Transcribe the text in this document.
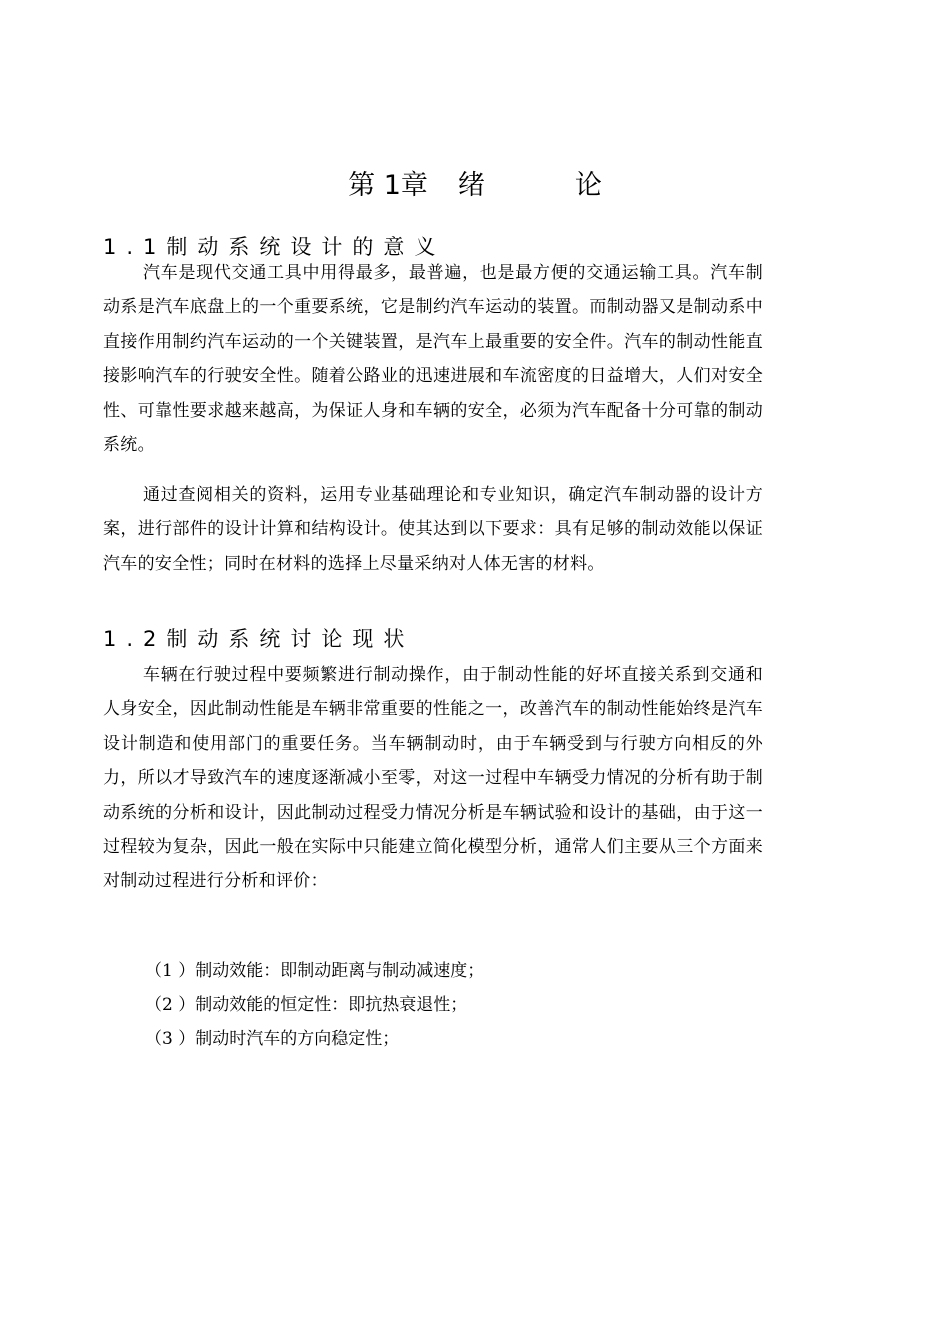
第 1章 绪	论
1.1制动系统设计的意义

汽车是现代交通工具中用得最多，最普遍，也是最方便的交通运输工具。汽车制动系是汽车底盘上的一个重要系统，它是制约汽车运动的装置。而制动器又是制动系中直接作用制约汽车运动的一个关键装置，是汽车上最重要的安全件。汽车的制动性能直接影响汽车的行驶安全性。随着公路业的迅速进展和车流密度的日益增大，人们对安全性、可靠性要求越来越高，为保证人身和车辆的安全，必须为汽车配备十分可靠的制动系统。

通过查阅相关的资料，运用专业基础理论和专业知识，确定汽车制动器的设计方案，进行部件的设计计算和结构设计。使其达到以下要求：具有足够的制动效能以保证汽车的安全性；同时在材料的选择上尽量采纳对人体无害的材料。

1.2制动系统讨论现状

车辆在行驶过程中要频繁进行制动操作，由于制动性能的好坏直接关系到交通和人身安全，因此制动性能是车辆非常重要的性能之一，改善汽车的制动性能始终是汽车设计制造和使用部门的重要任务。当车辆制动时，由于车辆受到与行驶方向相反的外力，所以才导致汽车的速度逐渐减小至零，对这一过程中车辆受力情况的分析有助于制动系统的分析和设计，因此制动过程受力情况分析是车辆试验和设计的基础，由于这一过程较为复杂，因此一般在实际中只能建立简化模型分析，通常人们主要从三个方面来对制动过程进行分析和评价：

（1 ）制动效能：即制动距离与制动减速度；

（2 ）制动效能的恒定性：即抗热衰退性；

（3 ）制动时汽车的方向稳定性；
